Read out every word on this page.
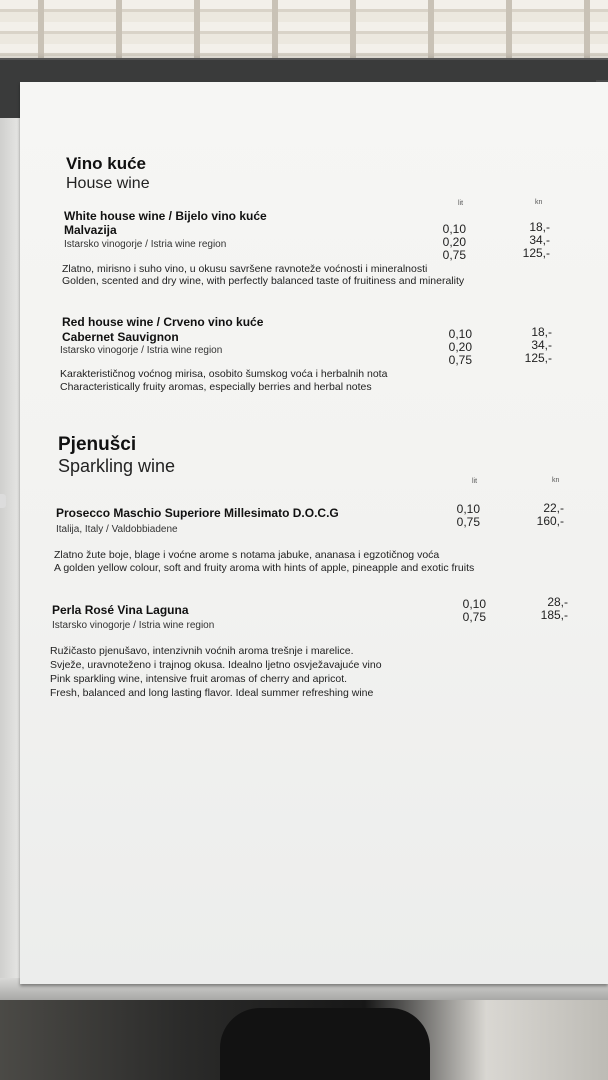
Vino kuće
House wine
lit	kn
White house wine / Bijelo vino kuće
Malvazija
Istarsko vinogorje / Istria wine region
0,10
0,20
0,75
18,-
34,-
125,-
Zlatno, mirisno i suho vino, u okusu savršene ravnoteže voćnosti i mineralnosti
Golden, scented and dry wine, with perfectly balanced taste of fruitiness and minerality
Red house wine / Crveno vino kuće
Cabernet Sauvignon
Istarsko vinogorje / Istria wine region
0,10
0,20
0,75
18,-
34,-
125,-
Karakterističnog voćnog mirisa, osobito šumskog voća i herbalnih nota
Characteristically fruity aromas, especially berries and herbal notes
Pjenušci
Sparkling wine
lit	kn
Prosecco Maschio Superiore Millesimato D.O.C.G
Italija, Italy / Valdobbiadene
0,10
0,75
22,-
160,-
Zlatno žute boje, blage i voćne arome s notama jabuke, ananasa i egzotičnog voća
A golden yellow colour, soft and fruity aroma with hints of apple, pineapple and exotic fruits
Perla Rosé Vina Laguna
Istarsko vinogorje / Istria wine region
0,10
0,75
28,-
185,-
Ružičasto pjenušavo, intenzivnih voćnih aroma trešnje i marelice.
Svježe, uravnoteženo i trajnog okusa. Idealno ljetno osvježavajuće vino
Pink sparkling wine, intensive fruit aromas of cherry and apricot.
Fresh, balanced and long lasting flavor. Ideal summer refreshing wine
